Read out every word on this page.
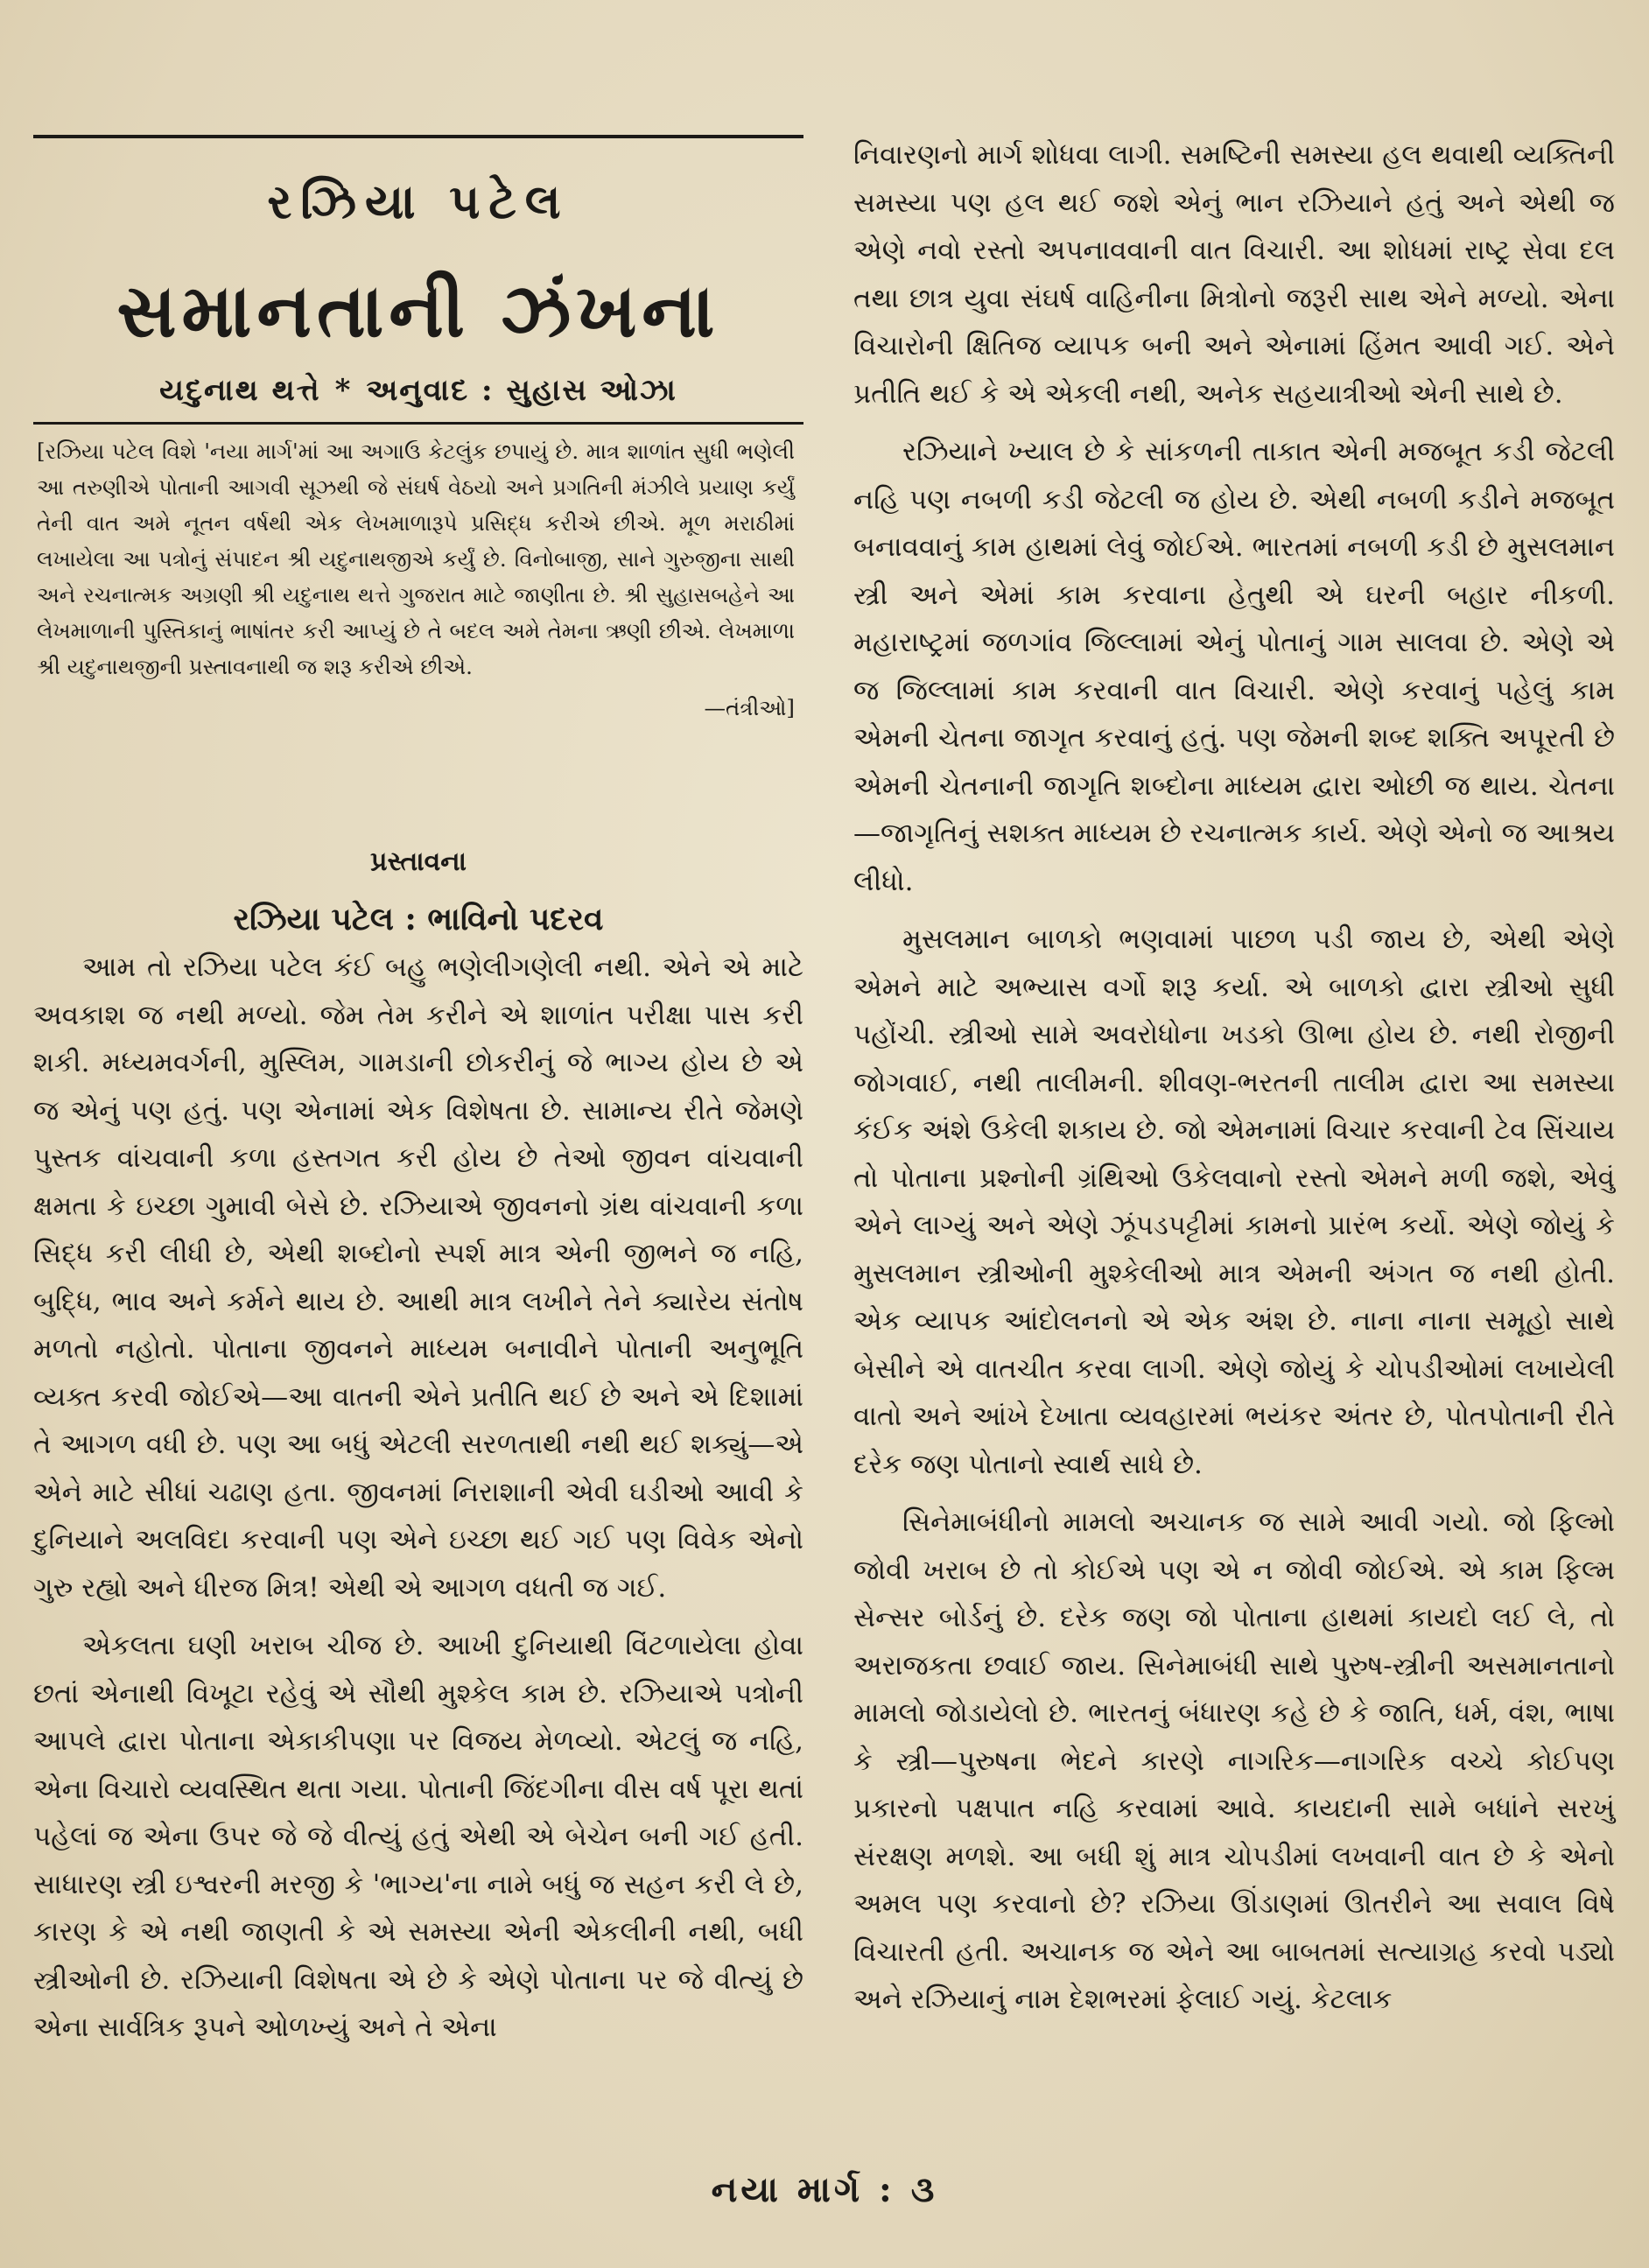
રઝિયા પટેલ
સમાનતાની ઝંખના
યદુનાથ થત્તે * અનુવાદ : સુહાસ ઓઝા

[રઝિયા પટેલ વિશે 'નયા માર્ગ'માં આ અગાઉ કેટલુંક છપાયું છે. માત્ર શાળાંત સુધી ભણેલી આ તરુણીએ પોતાની આગવી સૂઝથી જે સંઘર્ષ વેઠયો અને પ્રગતિની મંઝીલે પ્રયાણ કર્યું તેની વાત અમે નૂતન વર્ષથી એક લેખમાળારૂપે પ્રસિદ્ધ કરીએ છીએ. મૂળ મરાઠીમાં લખાયેલા આ પત્રોનું સંપાદન શ્રી યદુનાથજીએ કર્યું છે. વિનોબાજી, સાને ગુરુજીના સાથી અને રચનાત્મક અગ્રણી શ્રી યદુનાથ થત્તે ગુજરાત માટે જાણીતા છે. શ્રી સુહાસબહેને આ લેખમાળાની પુસ્તિકાનું ભાષાંતર કરી આપ્યું છે તે બદલ અમે તેમના ઋણી છીએ. લેખમાળા શ્રી યદુનાથજીની પ્રસ્તાવનાથી જ શરૂ કરીએ છીએ.

—તંત્રીઓ]

પ્રસ્તાવના
રઝિયા પટેલ : ભાવિનો પદરવ

આમ તો રઝિયા પટેલ કંઈ બહુ ભણેલીગણેલી નથી. એને એ માટે અવકાશ જ નથી મળ્યો. જેમ તેમ કરીને એ શાળાંત પરીક્ષા પાસ કરી શકી. મધ્યમવર્ગની, મુસ્લિમ, ગામડાની છોકરીનું જે ભાગ્ય હોય છે એ જ એનું પણ હતું. પણ એનામાં એક વિશેષતા છે. સામાન્ય રીતે જેમણે પુસ્તક વાંચવાની કળા હસ્તગત કરી હોય છે તેઓ જીવન વાંચવાની ક્ષમતા કે ઇચ્છા ગુમાવી બેસે છે. રઝિયાએ જીવનનો ગ્રંથ વાંચવાની કળા સિદ્ધ કરી લીધી છે, એથી શબ્દોનો સ્પર્શ માત્ર એની જીભને જ નહિ, બુદ્ધિ, ભાવ અને કર્મને થાય છે. આથી માત્ર લખીને તેને ક્યારેય સંતોષ મળતો નહોતો. પોતાના જીવનને માધ્યમ બનાવીને પોતાની અનુભૂતિ વ્યક્ત કરવી જોઈએ—આ વાતની એને પ્રતીતિ થઈ છે અને એ દિશામાં તે આગળ વધી છે. પણ આ બધું એટલી સરળતાથી નથી થઈ શક્યું—એ એને માટે સીધાં ચઢાણ હતા. જીવનમાં નિરાશાની એવી ઘડીઓ આવી કે દુનિયાને અલવિદા કરવાની પણ એને ઇચ્છા થઈ ગઈ પણ વિવેક એનો ગુરુ રહ્યો અને ધીરજ મિત્ર! એથી એ આગળ વધતી જ ગઈ.

એકલતા ઘણી ખરાબ ચીજ છે. આખી દુનિયાથી વિંટળાયેલા હોવા છતાં એનાથી વિખૂટા રહેવું એ સૌથી મુશ્કેલ કામ છે. રઝિયાએ પત્રોની આપલે દ્વારા પોતાના એકાકીપણા પર વિજય મેળવ્યો. એટલું જ નહિ, એના વિચારો વ્યવસ્થિત થતા ગયા. પોતાની જિંદગીના વીસ વર્ષ પૂરા થતાં પહેલાં જ એના ઉપર જે જે વીત્યું હતું એથી એ બેચેન બની ગઈ હતી. સાધારણ સ્ત્રી ઇશ્વરની મરજી કે 'ભાગ્ય'ના નામે બધું જ સહન કરી લે છે, કારણ કે એ નથી જાણતી કે એ સમસ્યા એની એકલીની નથી, બધી સ્ત્રીઓની છે. રઝિયાની વિશેષતા એ છે કે એણે પોતાના પર જે વીત્યું છે એના સાર્વત્રિક રૂપને ઓળખ્યું અને તે એના

નિવારણનો માર્ગ શોધવા લાગી. સમષ્ટિની સમસ્યા હલ થવાથી વ્યક્તિની સમસ્યા પણ હલ થઈ જશે એનું ભાન રઝિયાને હતું અને એથી જ એણે નવો રસ્તો અપનાવવાની વાત વિચારી. આ શોધમાં રાષ્ટ્ર સેવા દલ તથા છાત્ર યુવા સંઘર્ષ વાહિનીના મિત્રોનો જરૂરી સાથ એને મળ્યો. એના વિચારોની ક્ષિતિજ વ્યાપક બની અને એનામાં હિંમત આવી ગઈ. એને પ્રતીતિ થઈ કે એ એકલી નથી, અનેક સહયાત્રીઓ એની સાથે છે.

રઝિયાને ખ્યાલ છે કે સાંકળની તાકાત એની મજબૂત કડી જેટલી નહિ પણ નબળી કડી જેટલી જ હોય છે. એથી નબળી કડીને મજબૂત બનાવવાનું કામ હાથમાં લેવું જોઈએ. ભારતમાં નબળી કડી છે મુસલમાન સ્ત્રી અને એમાં કામ કરવાના હેતુથી એ ઘરની બહાર નીકળી. મહારાષ્ટ્રમાં જળગાંવ જિલ્લામાં એનું પોતાનું ગામ સાલવા છે. એણે એ જ જિલ્લામાં કામ કરવાની વાત વિચારી. એણે કરવાનું પહેલું કામ એમની ચેતના જાગૃત કરવાનું હતું. પણ જેમની શબ્દ શક્તિ અપૂરતી છે એમની ચેતનાની જાગૃતિ શબ્દોના માધ્યમ દ્વારા ઓછી જ થાય. ચેતના—જાગૃતિનું સશક્ત માધ્યમ છે રચનાત્મક કાર્ય. એણે એનો જ આશ્રય લીધો.

મુસલમાન બાળકો ભણવામાં પાછળ પડી જાય છે, એથી એણે એમને માટે અભ્યાસ વર્ગો શરૂ કર્યા. એ બાળકો દ્વારા સ્ત્રીઓ સુધી પહોંચી. સ્ત્રીઓ સામે અવરોધોના ખડકો ઊભા હોય છે. નથી રોજીની જોગવાઈ, નથી તાલીમની. શીવણ-ભરતની તાલીમ દ્વારા આ સમસ્યા કંઈક અંશે ઉકેલી શકાય છે. જો એમનામાં વિચાર કરવાની ટેવ સિંચાય તો પોતાના પ્રશ્નોની ગ્રંથિઓ ઉકેલવાનો રસ્તો એમને મળી જશે, એવું એને લાગ્યું અને એણે ઝૂંપડપટ્ટીમાં કામનો પ્રારંભ કર્યો. એણે જોયું કે મુસલમાન સ્ત્રીઓની મુશ્કેલીઓ માત્ર એમની અંગત જ નથી હોતી. એક વ્યાપક આંદોલનનો એ એક અંશ છે. નાના નાના સમૂહો સાથે બેસીને એ વાતચીત કરવા લાગી. એણે જોયું કે ચોપડીઓમાં લખાયેલી વાતો અને આંખે દેખાતા વ્યવહારમાં ભયંકર અંતર છે, પોતપોતાની રીતે દરેક જણ પોતાનો સ્વાર્થ સાધે છે.

સિનેમાબંધીનો મામલો અચાનક જ સામે આવી ગયો. જો ફિલ્મો જોવી ખરાબ છે તો કોઈએ પણ એ ન જોવી જોઈએ. એ કામ ફિલ્મ સેન્સર બોર્ડનું છે. દરેક જણ જો પોતાના હાથમાં કાયદો લઈ લે, તો અરાજકતા છવાઈ જાય. સિનેમાબંધી સાથે પુરુષ-સ્ત્રીની અસમાનતાનો મામલો જોડાયેલો છે. ભારતનું બંધારણ કહે છે કે જાતિ, ધર્મ, વંશ, ભાષા કે સ્ત્રી—પુરુષના ભેદને કારણે નાગરિક—નાગરિક વચ્ચે કોઈપણ પ્રકારનો પક્ષપાત નહિ કરવામાં આવે. કાયદાની સામે બધાંને સરખું સંરક્ષણ મળશે. આ બધી શું માત્ર ચોપડીમાં લખવાની વાત છે કે એનો અમલ પણ કરવાનો છે? રઝિયા ઊંડાણમાં ઊતરીને આ સવાલ વિષે વિચારતી હતી. અચાનક જ એને આ બાબતમાં સત્યાગ્રહ કરવો પડ્યો અને રઝિયાનું નામ દેશભરમાં ફેલાઈ ગયું. કેટલાક

નયા માર્ગ : ૩
